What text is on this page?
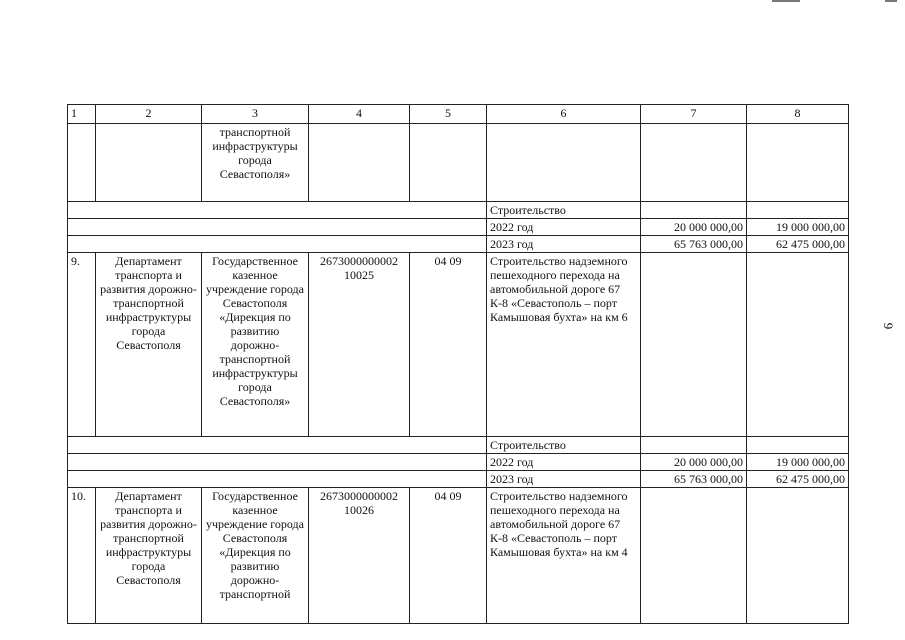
9
1	2	3	4	5	6	7	8
		транспортной инфраструктуры города Севастополя»					
					Строительство		
					2022 год	20 000 000,00	19 000 000,00
					2023 год	65 763 000,00	62 475 000,00
9.	Департамент транспорта и развития дорожно-транспортной инфраструктуры города Севастополя	Государственное казенное учреждение города Севастополя «Дирекция по развитию дорожно-транспортной инфраструктуры города Севастополя»	2673000000002 10025	04 09	Строительство надземного пешеходного перехода на автомобильной дороге 67 К-8 «Севастополь – порт Камышовая бухта» на км 6		
					Строительство		
					2022 год	20 000 000,00	19 000 000,00
					2023 год	65 763 000,00	62 475 000,00
10.	Департамент транспорта и развития дорожно-транспортной инфраструктуры города Севастополя	Государственное казенное учреждение города Севастополя «Дирекция по развитию дорожно-транспортной	2673000000002 10026	04 09	Строительство надземного пешеходного перехода на автомобильной дороге 67 К-8 «Севастополь – порт Камышовая бухта» на км 4		
